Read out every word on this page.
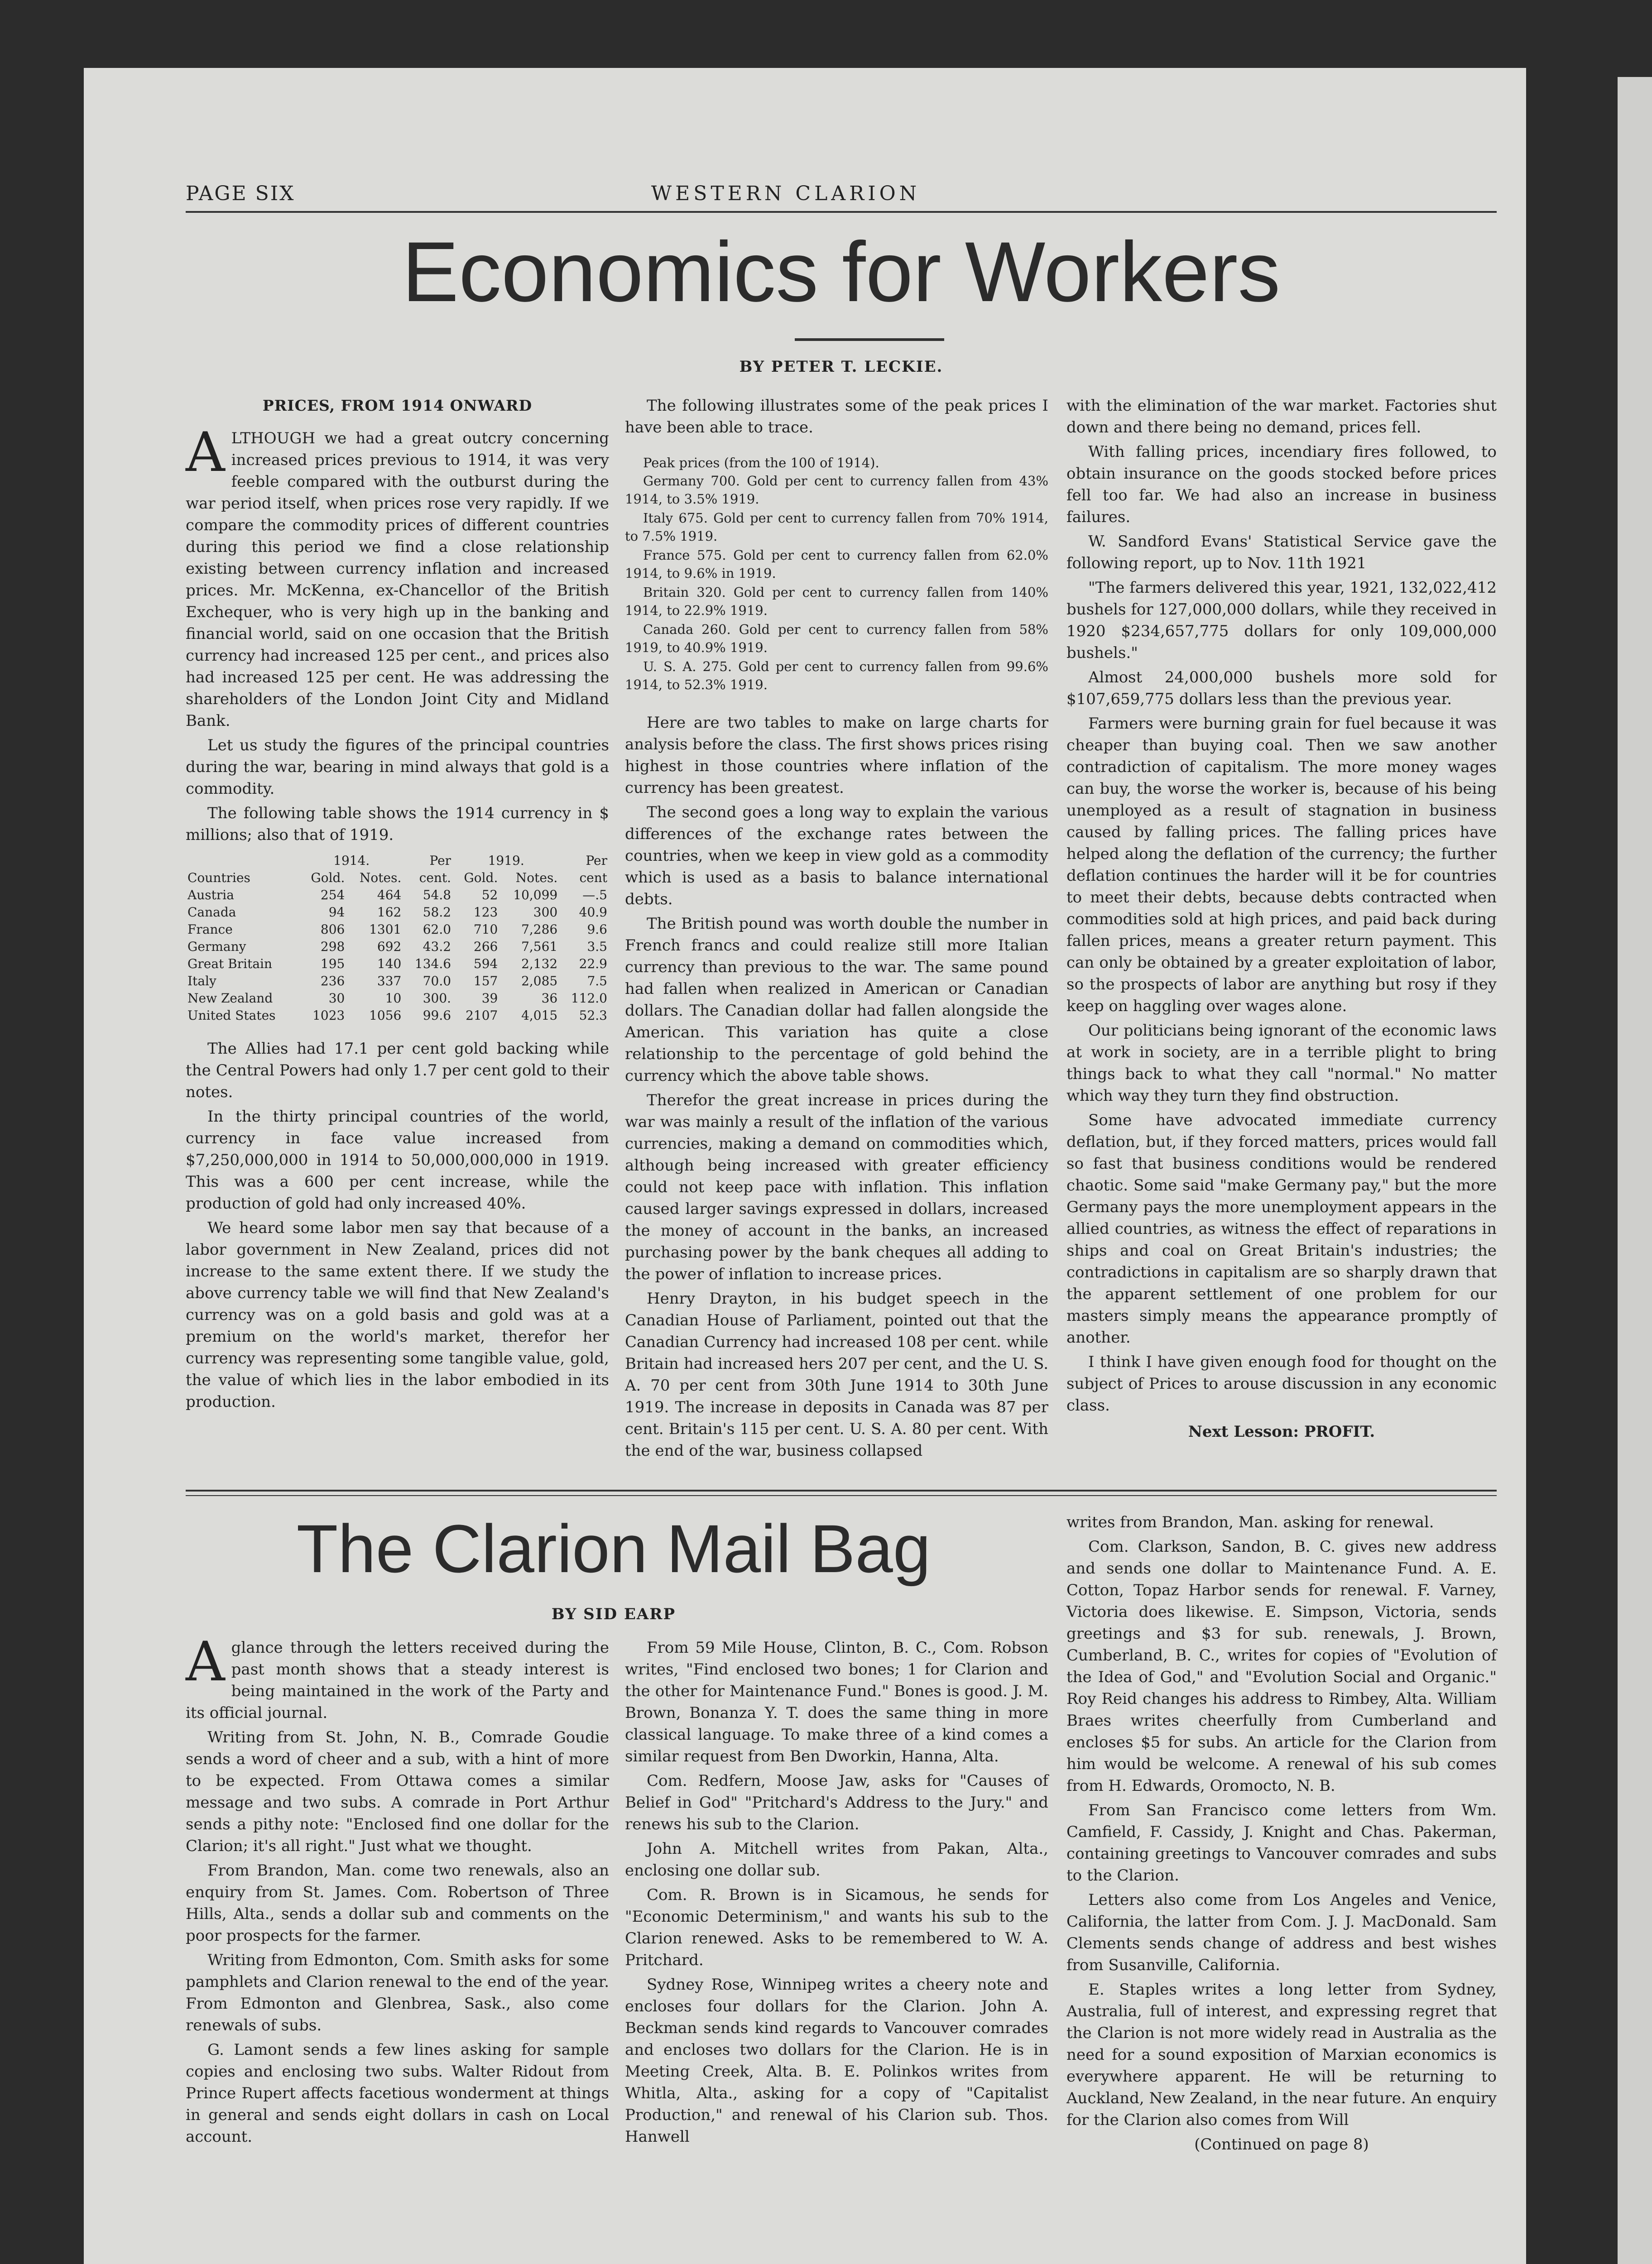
PAGE SIX	WESTERN CLARION
Economics for Workers
BY PETER T. LECKIE.
PRICES, FROM 1914 ONWARD

ALTHOUGH we had a great outcry concerning increased prices previous to 1914, it was very feeble compared with the outburst during the war period itself, when prices rose very rapidly. If we compare the commodity prices of different countries during this period we find a close relationship existing between currency inflation and increased prices. Mr. McKenna, ex-Chancellor of the British Exchequer, who is very high up in the banking and financial world, said on one occasion that the British currency had increased 125 per cent., and prices also had increased 125 per cent. He was addressing the shareholders of the London Joint City and Midland Bank.

Let us study the figures of the principal countries during the war, bearing in mind always that gold is a commodity.

The following table shows the 1914 currency in $ millions; also that of 1919.

	1914.		Per	1919.		Per
Countries	Gold.	Notes.	cent.	Gold.	Notes.	cent
Austria	254	464	54.8	52	10,099	—.5
Canada	94	162	58.2	123	300	40.9
France	806	1301	62.0	710	7,286	9.6
Germany	298	692	43.2	266	7,561	3.5
Great Britain	195	140	134.6	594	2,132	22.9
Italy	236	337	70.0	157	2,085	7.5
New Zealand	30	10	300.	39	36	112.0
United States	1023	1056	99.6	2107	4,015	52.3

The Allies had 17.1 per cent gold backing while the Central Powers had only 1.7 per cent gold to their notes.

In the thirty principal countries of the world, currency in face value increased from $7,250,000,000 in 1914 to 50,000,000,000 in 1919. This was a 600 per cent increase, while the production of gold had only increased 40%.

We heard some labor men say that because of a labor government in New Zealand, prices did not increase to the same extent there. If we study the above currency table we will find that New Zealand's currency was on a gold basis and gold was at a premium on the world's market, therefor her currency was representing some tangible value, gold, the value of which lies in the labor embodied in its production.

The following illustrates some of the peak prices I have been able to trace.

Peak prices (from the 100 of 1914).
Germany 700. Gold per cent to currency fallen from 43% 1914, to 3.5% 1919.
Italy 675. Gold per cent to currency fallen from 70% 1914, to 7.5% 1919.
France 575. Gold per cent to currency fallen from 62.0% 1914, to 9.6% in 1919.
Britain 320. Gold per cent to currency fallen from 140% 1914, to 22.9% 1919.
Canada 260. Gold per cent to currency fallen from 58% 1919, to 40.9% 1919.
U. S. A. 275. Gold per cent to currency fallen from 99.6% 1914, to 52.3% 1919.

Here are two tables to make on large charts for analysis before the class. The first shows prices rising highest in those countries where inflation of the currency has been greatest.

The second goes a long way to explain the various differences of the exchange rates between the countries, when we keep in view gold as a commodity which is used as a basis to balance international debts.

The British pound was worth double the number in French francs and could realize still more Italian currency than previous to the war. The same pound had fallen when realized in American or Canadian dollars. The Canadian dollar had fallen alongside the American. This variation has quite a close relationship to the percentage of gold behind the currency which the above table shows.

Therefor the great increase in prices during the war was mainly a result of the inflation of the various currencies, making a demand on commodities which, although being increased with greater efficiency could not keep pace with inflation. This inflation caused larger savings expressed in dollars, increased the money of account in the banks, an increased purchasing power by the bank cheques all adding to the power of inflation to increase prices.

Henry Drayton, in his budget speech in the Canadian House of Parliament, pointed out that the Canadian Currency had increased 108 per cent. while Britain had increased hers 207 per cent, and the U. S. A. 70 per cent from 30th June 1914 to 30th June 1919. The increase in deposits in Canada was 87 per cent. Britain's 115 per cent. U. S. A. 80 per cent. With the end of the war, business collapsed

with the elimination of the war market. Factories shut down and there being no demand, prices fell.

With falling prices, incendiary fires followed, to obtain insurance on the goods stocked before prices fell too far. We had also an increase in business failures.

W. Sandford Evans' Statistical Service gave the following report, up to Nov. 11th 1921

"The farmers delivered this year, 1921, 132,022,412 bushels for 127,000,000 dollars, while they received in 1920 $234,657,775 dollars for only 109,000,000 bushels."

Almost 24,000,000 bushels more sold for $107,659,775 dollars less than the previous year.

Farmers were burning grain for fuel because it was cheaper than buying coal. Then we saw another contradiction of capitalism. The more money wages can buy, the worse the worker is, because of his being unemployed as a result of stagnation in business caused by falling prices. The falling prices have helped along the deflation of the currency; the further deflation continues the harder will it be for countries to meet their debts, because debts contracted when commodities sold at high prices, and paid back during fallen prices, means a greater return payment. This can only be obtained by a greater exploitation of labor, so the prospects of labor are anything but rosy if they keep on haggling over wages alone.

Our politicians being ignorant of the economic laws at work in society, are in a terrible plight to bring things back to what they call "normal." No matter which way they turn they find obstruction.

Some have advocated immediate currency deflation, but, if they forced matters, prices would fall so fast that business conditions would be rendered chaotic. Some said "make Germany pay," but the more Germany pays the more unemployment appears in the allied countries, as witness the effect of reparations in ships and coal on Great Britain's industries; the contradictions in capitalism are so sharply drawn that the apparent settlement of one problem for our masters simply means the appearance promptly of another.

I think I have given enough food for thought on the subject of Prices to arouse discussion in any economic class.

Next Lesson: PROFIT.
The Clarion Mail Bag
BY SID EARP

Aglance through the letters received during the past month shows that a steady interest is being maintained in the work of the Party and its official journal.

Writing from St. John, N. B., Comrade Goudie sends a word of cheer and a sub, with a hint of more to be expected. From Ottawa comes a similar message and two subs. A comrade in Port Arthur sends a pithy note: "Enclosed find one dollar for the Clarion; it's all right." Just what we thought.

From Brandon, Man. come two renewals, also an enquiry from St. James. Com. Robertson of Three Hills, Alta., sends a dollar sub and comments on the poor prospects for the farmer.

Writing from Edmonton, Com. Smith asks for some pamphlets and Clarion renewal to the end of the year. From Edmonton and Glenbrea, Sask., also come renewals of subs.

G. Lamont sends a few lines asking for sample copies and enclosing two subs. Walter Ridout from Prince Rupert affects facetious wonderment at things in general and sends eight dollars in cash on Local account.

From 59 Mile House, Clinton, B. C., Com. Robson writes, "Find enclosed two bones; 1 for Clarion and the other for Maintenance Fund." Bones is good. J. M. Brown, Bonanza Y. T. does the same thing in more classical language. To make three of a kind comes a similar request from Ben Dworkin, Hanna, Alta.

Com. Redfern, Moose Jaw, asks for "Causes of Belief in God" "Pritchard's Address to the Jury." and renews his sub to the Clarion.

John A. Mitchell writes from Pakan, Alta., enclosing one dollar sub.

Com. R. Brown is in Sicamous, he sends for "Economic Determinism," and wants his sub to the Clarion renewed. Asks to be remembered to W. A. Pritchard.

Sydney Rose, Winnipeg writes a cheery note and encloses four dollars for the Clarion. John A. Beckman sends kind regards to Vancouver comrades and encloses two dollars for the Clarion. He is in Meeting Creek, Alta. B. E. Polinkos writes from Whitla, Alta., asking for a copy of "Capitalist Production," and renewal of his Clarion sub. Thos. Hanwell

writes from Brandon, Man. asking for renewal.

Com. Clarkson, Sandon, B. C. gives new address and sends one dollar to Maintenance Fund. A. E. Cotton, Topaz Harbor sends for renewal. F. Varney, Victoria does likewise. E. Simpson, Victoria, sends greetings and $3 for sub. renewals, J. Brown, Cumberland, B. C., writes for copies of "Evolution of the Idea of God," and "Evolution Social and Organic." Roy Reid changes his address to Rimbey, Alta. William Braes writes cheerfully from Cumberland and encloses $5 for subs. An article for the Clarion from him would be welcome. A renewal of his sub comes from H. Edwards, Oromocto, N. B.

From San Francisco come letters from Wm. Camfield, F. Cassidy, J. Knight and Chas. Pakerman, containing greetings to Vancouver comrades and subs to the Clarion.

Letters also come from Los Angeles and Venice, California, the latter from Com. J. J. MacDonald. Sam Clements sends change of address and best wishes from Susanville, California.

E. Staples writes a long letter from Sydney, Australia, full of interest, and expressing regret that the Clarion is not more widely read in Australia as the need for a sound exposition of Marxian economics is everywhere apparent. He will be returning to Auckland, New Zealand, in the near future. An enquiry for the Clarion also comes from Will

(Continued on page 8)
